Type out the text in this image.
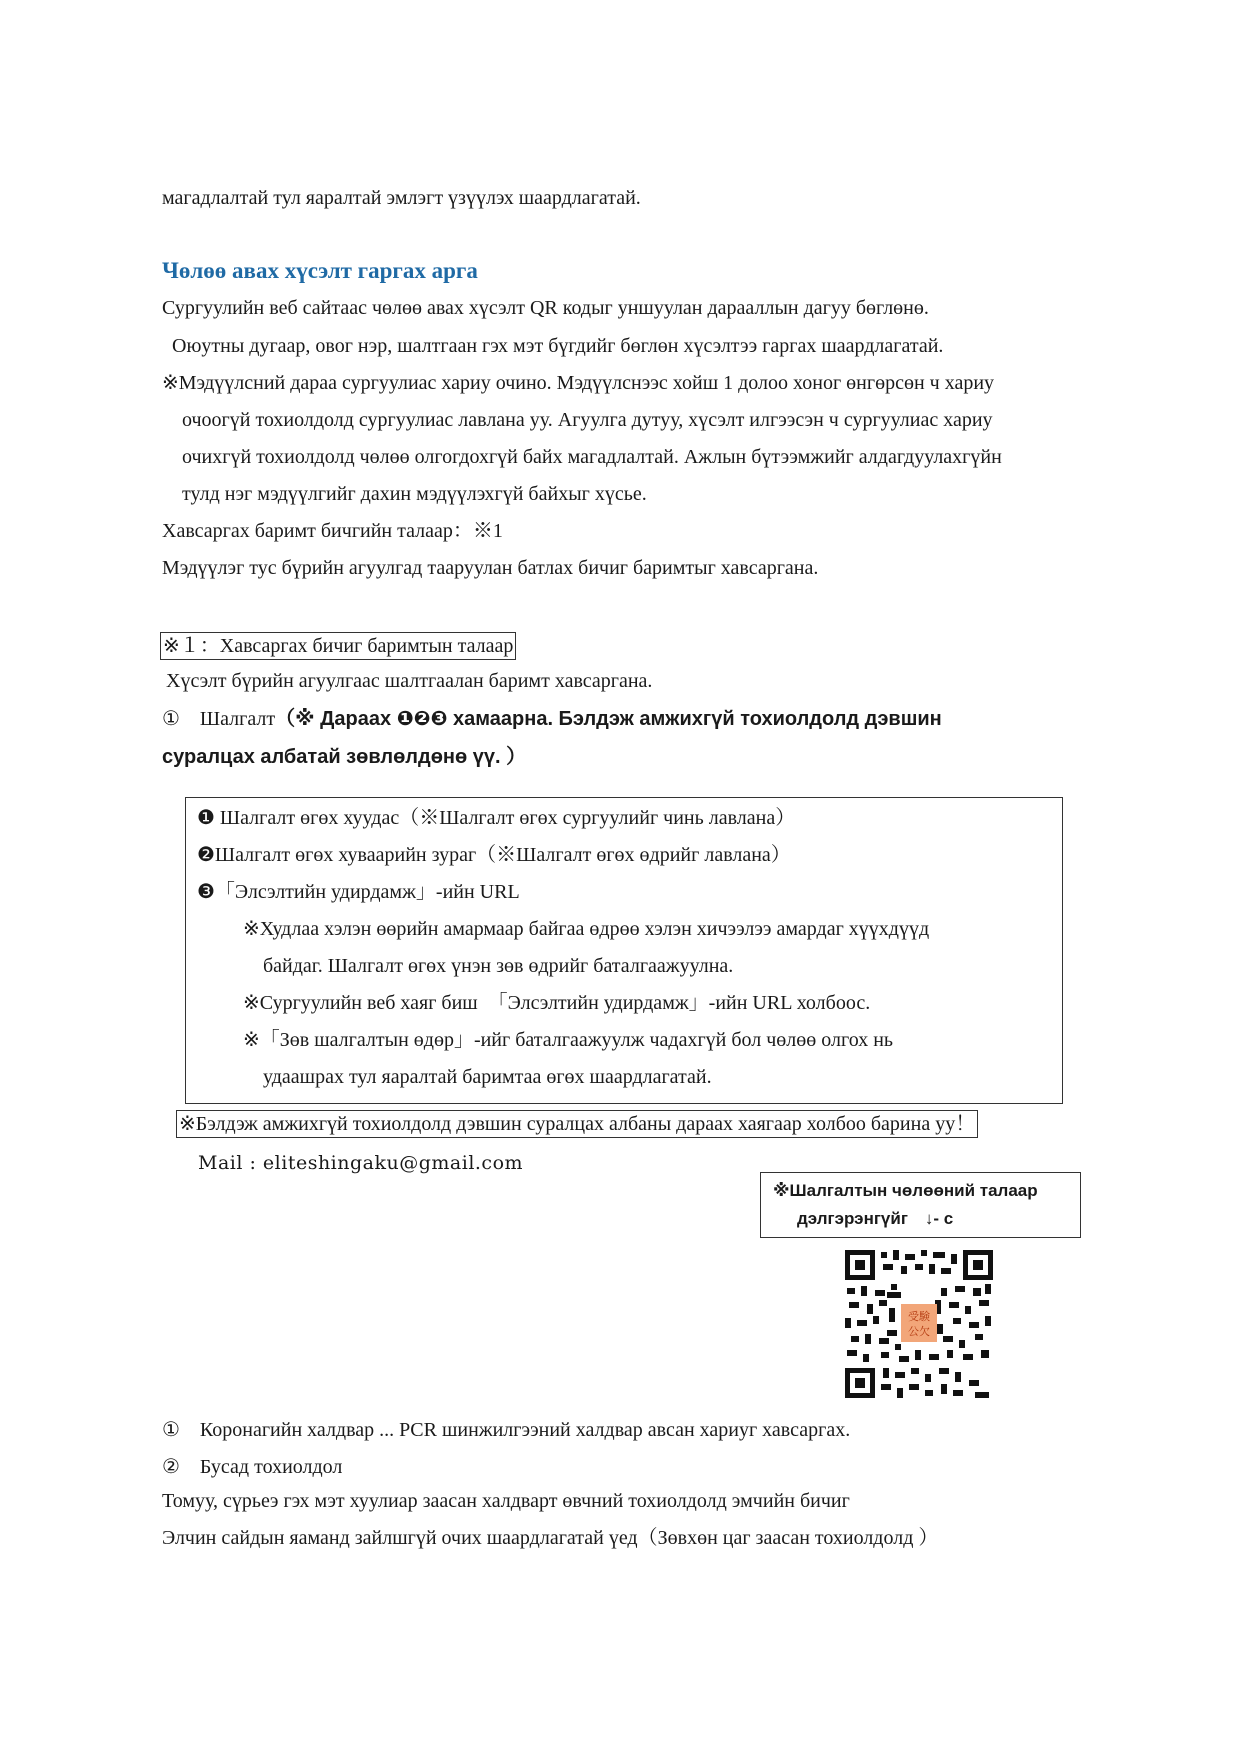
магадлалтай тул яаралтай эмлэгт үзүүлэх шаардлагатай.
Чөлөө авах хүсэлт гаргах арга
Сургуулийн веб сайтаас чөлөө авах хүсэлт QR кодыг уншуулан дарааллын дагуу бөглөнө.
Оюутны дугаар, овог нэр, шалтгаан гэх мэт бүгдийг бөглөн хүсэлтээ гаргах шаардлагатай.
※Мэдүүлсний дараа сургуулиас хариу очино. Мэдүүлснээс хойш 1 долоо хоног өнгөрсөн ч хариу
очоогүй тохиолдолд сургуулиас лавлана уу. Агуулга дутуу, хүсэлт илгээсэн ч сургуулиас хариу
очихгүй тохиолдолд чөлөө олгогдохгүй байх магадлалтай. Ажлын бүтээмжийг алдагдуулахгүйн
тулд нэг мэдүүлгийг дахин мэдүүлэхгүй байхыг хүсье.
Хавсаргах баримт бичгийн талаар：※1
Мэдүүлэг тус бүрийн агуулгад тааруулан батлах бичиг баримтыг хавсаргана.
※１：Хавсаргах бичиг баримтын талаар
Хүсэлт бүрийн агуулгаас шалтгаалан баримт хавсаргана.
①　Шалгалт（※ Дараах ❶❷❸ хамаарна. Бэлдэж амжихгүй тохиолдолд дэвшин
суралцах албатай зөвлөлдөнө үү. ）
❶ Шалгалт өгөх хуудас（※Шалгалт өгөх сургуулийг чинь лавлана）
❷Шалгалт өгөх хуваарийн зураг（※Шалгалт өгөх өдрийг лавлана）
❸「Элсэлтийн удирдамж」-ийн URL
※Худлаа хэлэн өөрийн амармаар байгаа өдрөө хэлэн хичээлээ амардаг хүүхдүүд
байдаг. Шалгалт өгөх үнэн зөв өдрийг баталгаажуулна.
※Сургуулийн веб хаяг биш　「Элсэлтийн удирдамж」-ийн URL холбоос.
※「Зөв шалгалтын өдөр」-ийг баталгаажуулж чадахгүй бол чөлөө олгох нь
удаашрах тул яаралтай баримтаа өгөх шаардлагатай.
※Бэлдэж амжихгүй тохиолдолд дэвшин суралцах албаны дараах хаягаар холбоо барина уу！
Mail : eliteshingaku@gmail.com
※Шалгалтын чөлөөний талаар
дэлгэрэнгүйг　↓- с
受験
公欠
①　Коронагийн халдвар ... PCR шинжилгээний халдвар авсан хариуг хавсаргах.
②　Бусад тохиолдол
Томуу, сүрьеэ гэх мэт хуулиар заасан халдварт өвчний тохиолдолд эмчийн бичиг
Элчин сайдын яаманд зайлшгүй очих шаардлагатай үед（Зөвхөн цаг заасан тохиолдолд ）
